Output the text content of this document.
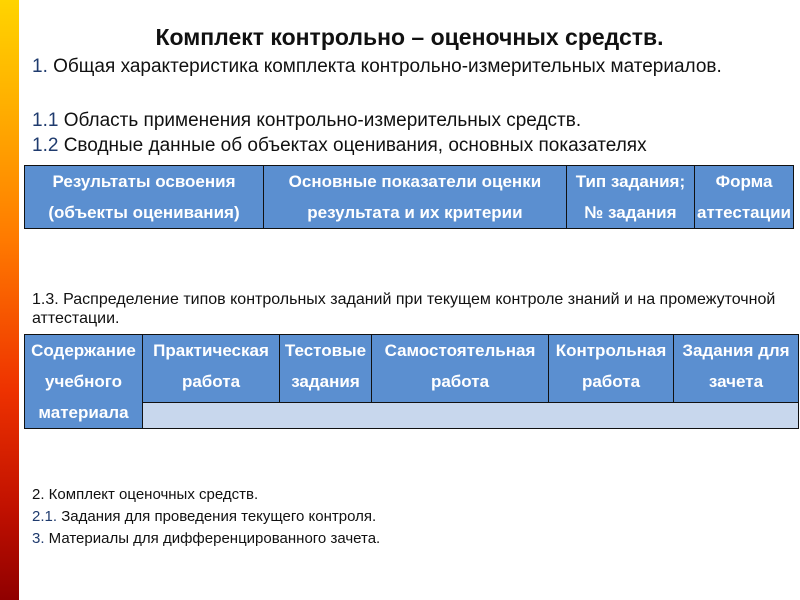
Комплект контрольно – оценочных средств.

1. Общая характеристика комплекта контрольно-измерительных материалов.

1.1 Область применения контрольно-измерительных средств.

1.2 Сводные данные об объектах оценивания, основных показателях

Результаты освоения (объекты оценивания)	Основные показатели оценки результата и их критерии	Тип задания; № задания	Форма аттестации

1.3. Распределение типов контрольных заданий при текущем контроле знаний и на промежуточной аттестации.

Содержание учебного материала	Практическая работа	Тестовые задания	Самостоятельная работа	Контрольная работа	Задания для зачета

2. Комплект оценочных средств.

2.1. Задания для проведения текущего контроля.

3. Материалы для дифференцированного зачета.
